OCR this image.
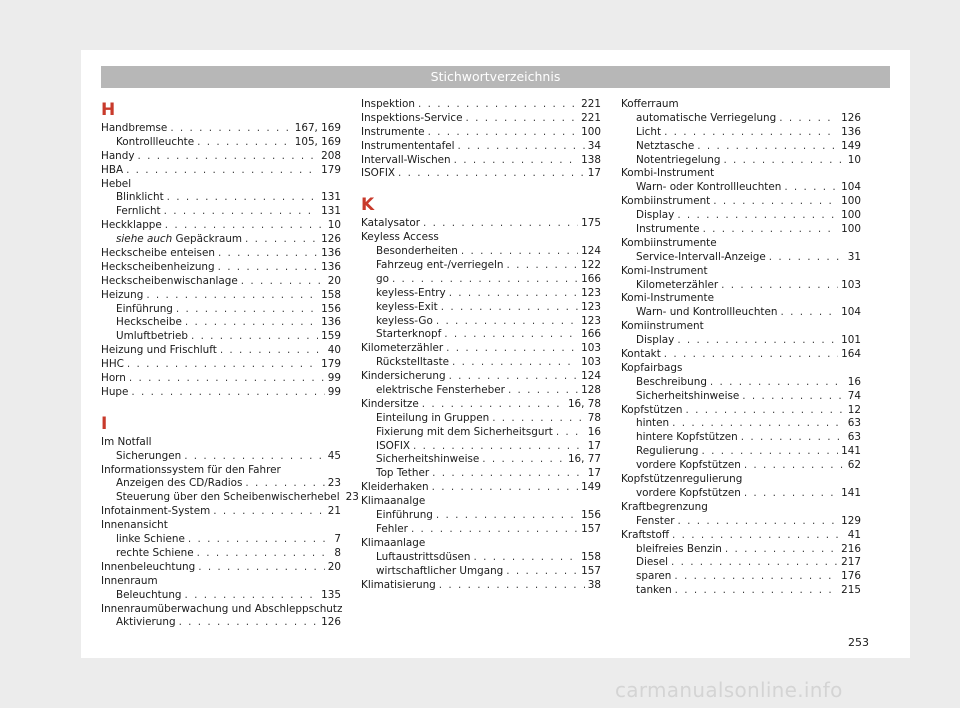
Stichwortverzeichnis
H
Handbremse . . .	167, 169
Kontrollleuchte . . .	105, 169
Handy . . .	208
HBA . . .	179
Hebel
Blinklicht . . .	131
Fernlicht . . .	131
Heckklappe . . .	10
siehe auch Gepäckraum . . .	126
Heckscheibe enteisen . . .	136
Heckscheibenheizung . . .	136
Heckscheibenwischanlage . . .	20
Heizung . . .	158
Einführung . . .	156
Heckscheibe . . .	136
Umluftbetrieb . . .	159
Heizung und Frischluft . . .	40
HHC . . .	179
Horn . . .	99
Hupe . . .	99
I
Im Notfall
Sicherungen . . .	45
Informationssystem für den Fahrer
Anzeigen des CD/Radios . . .	23
Steuerung über den Scheibenwischerhebel 23
Infotainment-System . . .	21
Innenansicht
linke Schiene . . .	7
rechte Schiene . . .	8
Innenbeleuchtung . . .	20
Innenraum
Beleuchtung . . .	135
Innenraumüberwachung und Abschleppschutz
Aktivierung . . .	126
Inspektion . . .	221
Inspektions-Service . . .	221
Instrumente . . .	100
Instrumententafel . . .	34
Intervall-Wischen . . .	138
ISOFIX . . .	17
K
Katalysator . . .	175
Keyless Access
Besonderheiten . . .	124
Fahrzeug ent-/verriegeln . . .	122
go . . .	166
keyless-Entry . . .	123
keyless-Exit . . .	123
keyless-Go . . .	123
Starterknopf . . .	166
Kilometerzähler . . .	103
Rückstelltaste . . .	103
Kindersicherung . . .	124
elektrische Fensterheber . . .	128
Kindersitze . . .	16, 78
Einteilung in Gruppen . . .	78
Fixierung mit dem Sicherheitsgurt . . .	16
ISOFIX . . .	17
Sicherheitshinweise . . .	16, 77
Top Tether . . .	17
Kleiderhaken . . .	149
Klimaanalge
Einführung . . .	156
Fehler . . .	157
Klimaanlage
Luftaustrittsdüsen . . .	158
wirtschaftlicher Umgang . . .	157
Klimatisierung . . .	38
Kofferraum
automatische Verriegelung . . .	126
Licht . . .	136
Netztasche . . .	149
Notentriegelung . . .	10
Kombi-Instrument
Warn- oder Kontrollleuchten . . .	104
Kombiinstrument . . .	100
Display . . .	100
Instrumente . . .	100
Kombiinstrumente
Service-Intervall-Anzeige . . .	31
Komi-Instrument
Kilometerzähler . . .	103
Komi-Instrumente
Warn- und Kontrollleuchten . . .	104
Komiinstrument
Display . . .	101
Kontakt . . .	164
Kopfairbags
Beschreibung . . .	16
Sicherheitshinweise . . .	74
Kopfstützen . . .	12
hinten . . .	63
hintere Kopfstützen . . .	63
Regulierung . . .	141
vordere Kopfstützen . . .	62
Kopfstützenregulierung
vordere Kopfstützen . . .	141
Kraftbegrenzung
Fenster . . .	129
Kraftstoff . . .	41
bleifreies Benzin . . .	216
Diesel . . .	217
sparen . . .	176
tanken . . .	215
253
carmanualsonline.info
